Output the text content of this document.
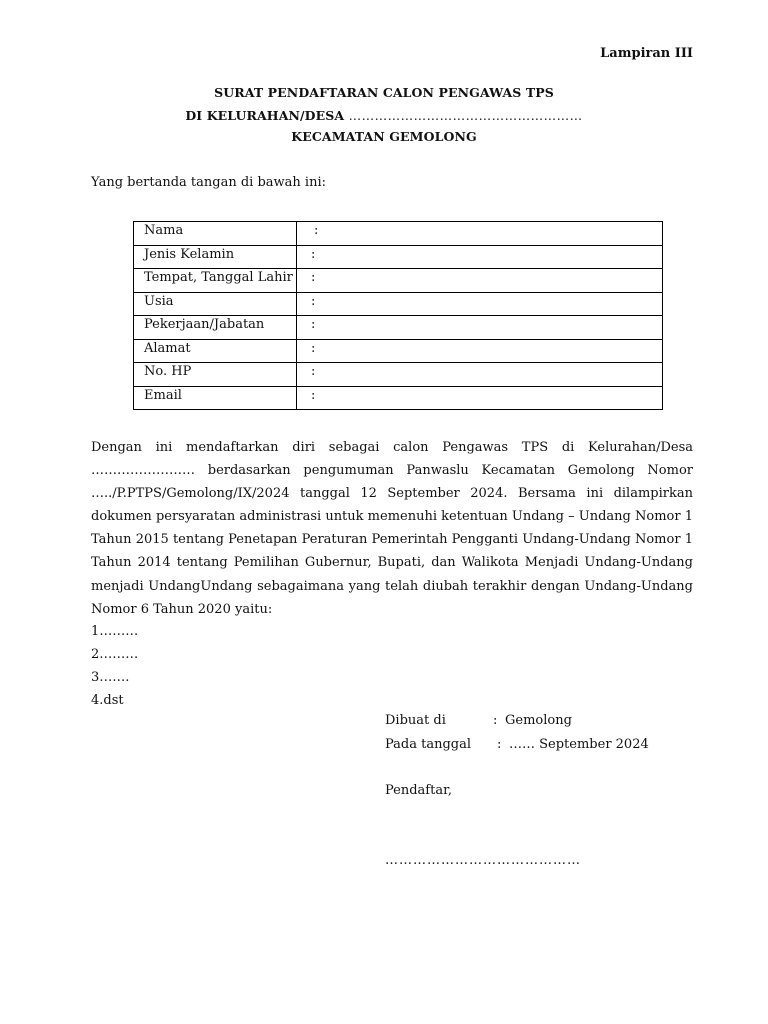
Lampiran III
SURAT PENDAFTARAN CALON PENGAWAS TPS
DI KELURAHAN/DESA ………………………………………………
KECAMATAN GEMOLONG
Yang bertanda tangan di bawah ini:
Nama	:
Jenis Kelamin	:
Tempat, Tanggal Lahir	:
Usia	:
Pekerjaan/Jabatan	:
Alamat	:
No. HP	:
Email	:

Dengan ini mendaftarkan diri sebagai calon Pengawas TPS di Kelurahan/Desa

…………………… berdasarkan pengumuman Panwaslu Kecamatan Gemolong Nomor

…../P.PTPS/Gemolong/IX/2024 tanggal 12 September 2024. Bersama ini dilampirkan

dokumen persyaratan administrasi untuk memenuhi ketentuan Undang – Undang Nomor 1

Tahun 2015 tentang Penetapan Peraturan Pemerintah Pengganti Undang-Undang Nomor 1

Tahun 2014 tentang Pemilihan Gubernur, Bupati, dan Walikota Menjadi Undang-Undang

menjadi UndangUndang sebagaimana yang telah diubah terakhir dengan Undang-Undang

Nomor 6 Tahun 2020 yaitu:

1………
2………
3…….
4.dst
Dibuat di	: Gemolong
Pada tanggal : …… September 2024
Pendaftar,
……………………………………
